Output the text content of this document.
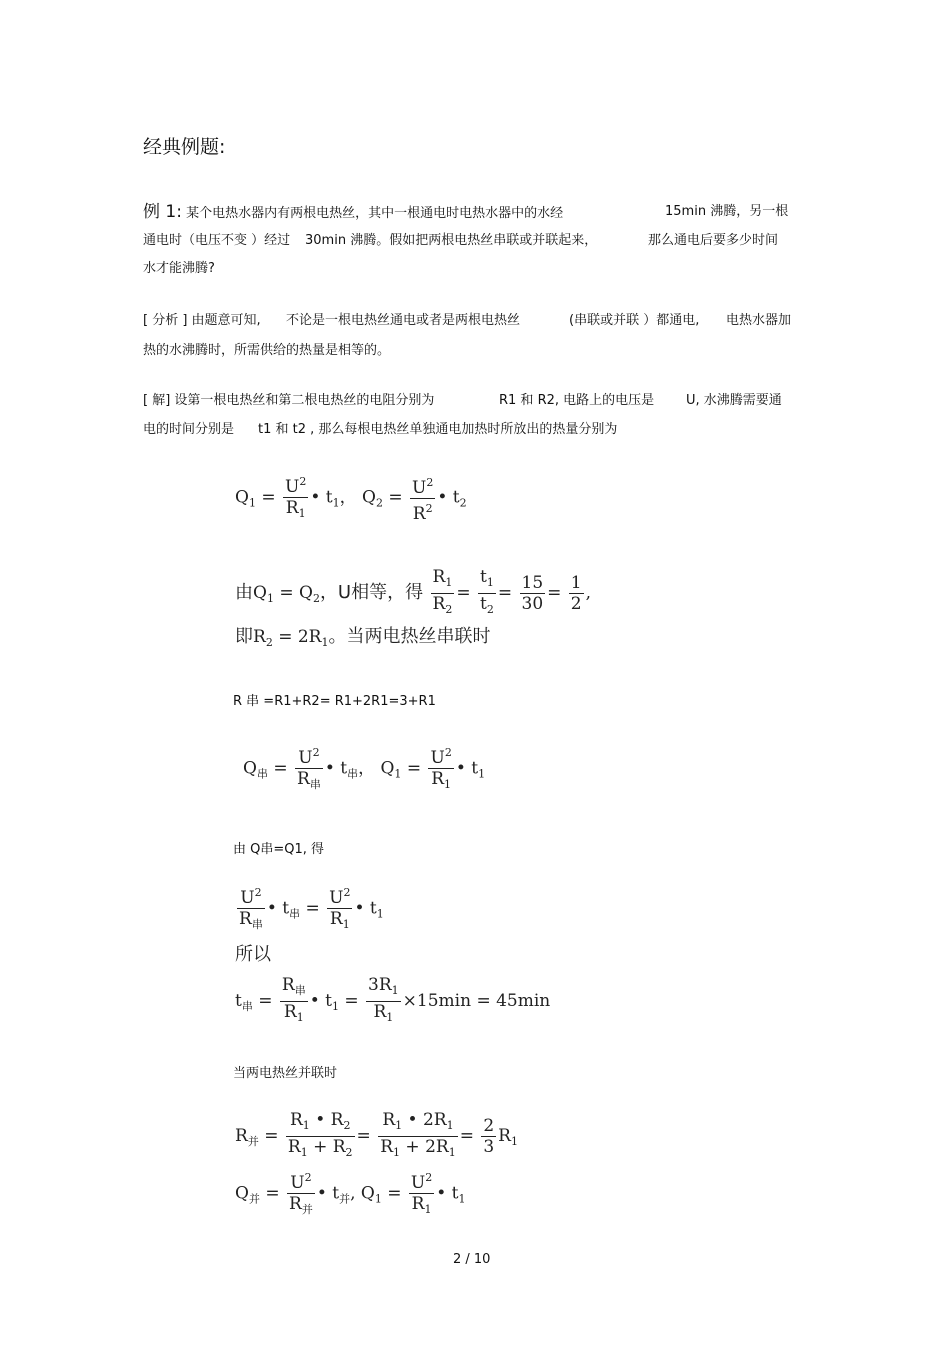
经典例题:
例 1: 某个电热水器内有两根电热丝，其中一根通电时电热水器中的水经	15min 沸腾，另一根
通电时（电压不变 ）经过 30min 沸腾。假如把两根电热丝串联或并联起来，	那么通电后要多少时间
水才能沸腾?
[ 分析 ] 由题意可知, 不论是一根电热丝通电或者是两根电热丝	(串联或并联 ）都通电, 电热水器加
热的水沸腾时，所需供给的热量是相等的。
[ 解] 设第一根电热丝和第二根电热丝的电阻分别为	R1 和 R2, 电路上的电压是 U, 水沸腾需要通
电的时间分别是 t1 和 t2 , 那么每根电热丝单独通电加热时所放出的热量分别为
$Q_1 = \frac{U^2}{R_1}$ • $t_1$， $Q_2 = \frac{U^2}{R^2}$ • $t_2$
由$Q_1 = Q_2$，U相等，得 $\frac{R_1}{R_2} = \frac{t_1}{t_2} = \frac{15}{30} = \frac{1}{2}$ ,
即$R_2 = 2R_1$。当两电热丝串联时
R 串 =R1+R2= R1+2R1=3+R1
$Q_串 = \frac{U^2}{R_串}$ • $t_串$， $Q_1 = \frac{U^2}{R_1}$ • $t_1$
由 Q串=Q1, 得
$\frac{U^2}{R_串}$ • $t_串 = \frac{U^2}{R_1}$ • $t_1$
所以
$t_串 = \frac{R_串}{R_1}$ • $t_1 = \frac{3R_1}{R_1} \times 15\min = 45\min$
当两电热丝并联时
$R_并 = \frac{R_1 • R_2}{R_1 + R_2} = \frac{R_1 • 2R_1}{R_1 + 2R_1} = \frac{2}{3} R_1$
$Q_并 = \frac{U^2}{R_并}$ • $t_并$, $Q_1 = \frac{U^2}{R_1}$ • $t_1$
2 / 10
